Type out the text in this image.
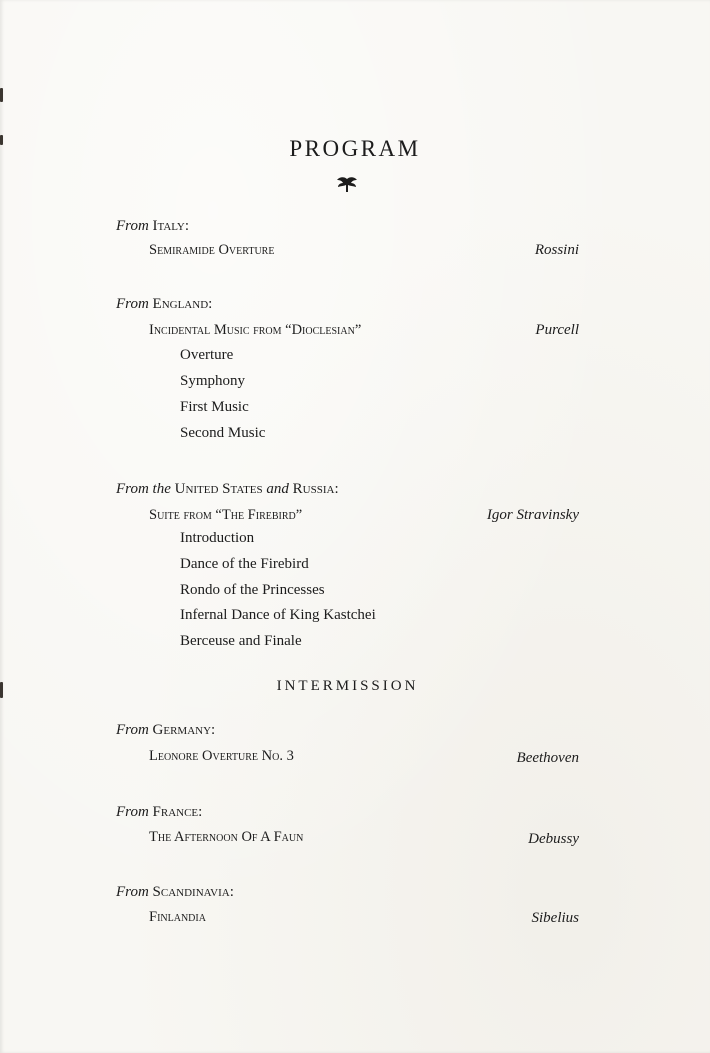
PROGRAM
From Italy:
Semiramide Overture	Rossini
From England:
Incidental Music from “Dioclesian”	Purcell
Overture
Symphony
First Music
Second Music
From the United States and Russia:
Suite from “The Firebird”	Igor Stravinsky
Introduction
Dance of the Firebird
Rondo of the Princesses
Infernal Dance of King Kastchei
Berceuse and Finale
INTERMISSION
From Germany:
Leonore Overture No. 3	Beethoven
From France:
The Afternoon Of A Faun	Debussy
From Scandinavia:
Finlandia	Sibelius
